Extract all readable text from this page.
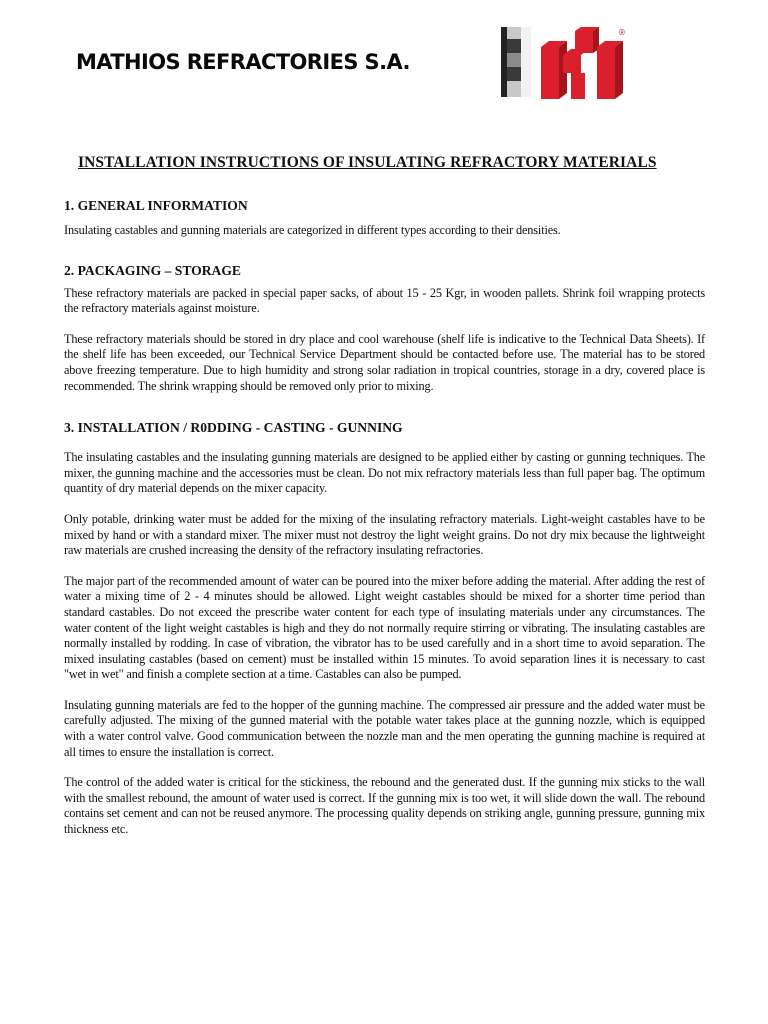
MATHIOS REFRACTORIES S.A.
®

INSTALLATION INSTRUCTIONS OF INSULATING REFRACTORY MATERIALS

1. GENERAL INFORMATION

Insulating castables and gunning materials are categorized in different types according to their densities.

2. PACKAGING – STORAGE

These refractory materials are packed in special paper sacks, of about 15 - 25 Kgr, in wooden pallets. Shrink foil wrapping protects the refractory materials against moisture.

These refractory materials should be stored in dry place and cool warehouse (shelf life is indicative to the Technical Data Sheets). If the shelf life has been exceeded, our Technical Service Department should be contacted before use. The material has to be stored above freezing temperature. Due to high humidity and strong solar radiation in tropical countries, storage in a dry, covered place is recommended. The shrink wrapping should be removed only prior to mixing.

3. INSTALLATION / R0DDING - CASTING - GUNNING

The insulating castables and the insulating gunning materials are designed to be applied either by casting or gunning techniques. The mixer, the gunning machine and the accessories must be clean. Do not mix refractory materials less than full paper bag. The optimum quantity of dry material depends on the mixer capacity.

Only potable, drinking water must be added for the mixing of the insulating refractory materials. Light-weight castables have to be mixed by hand or with a standard mixer. The mixer must not destroy the light weight grains. Do not dry mix because the lightweight raw materials are crushed increasing the density of the refractory insulating refractories.

The major part of the recommended amount of water can be poured into the mixer before adding the material. After adding the rest of water a mixing time of 2 - 4 minutes should be allowed. Light weight castables should be mixed for a shorter time period than standard castables. Do not exceed the prescribe water content for each type of insulating materials under any circumstances. The water content of the light weight castables is high and they do not normally require stirring or vibrating. The insulating castables are normally installed by rodding. In case of vibration, the vibrator has to be used carefully and in a short time to avoid separation. The mixed insulating castables (based on cement) must be installed within 15 minutes. To avoid separation lines it is necessary to cast "wet in wet" and finish a complete section at a time. Castables can also be pumped.

Insulating gunning materials are fed to the hopper of the gunning machine. The compressed air pressure and the added water must be carefully adjusted. The mixing of the gunned material with the potable water takes place at the gunning nozzle, which is equipped with a water control valve. Good communication between the nozzle man and the men operating the gunning machine is required at all times to ensure the installation is correct.

The control of the added water is critical for the stickiness, the rebound and the generated dust. If the gunning mix sticks to the wall with the smallest rebound, the amount of water used is correct. If the gunning mix is too wet, it will slide down the wall. The rebound contains set cement and can not be reused anymore. The processing quality depends on striking angle, gunning pressure, gunning mix thickness etc.
